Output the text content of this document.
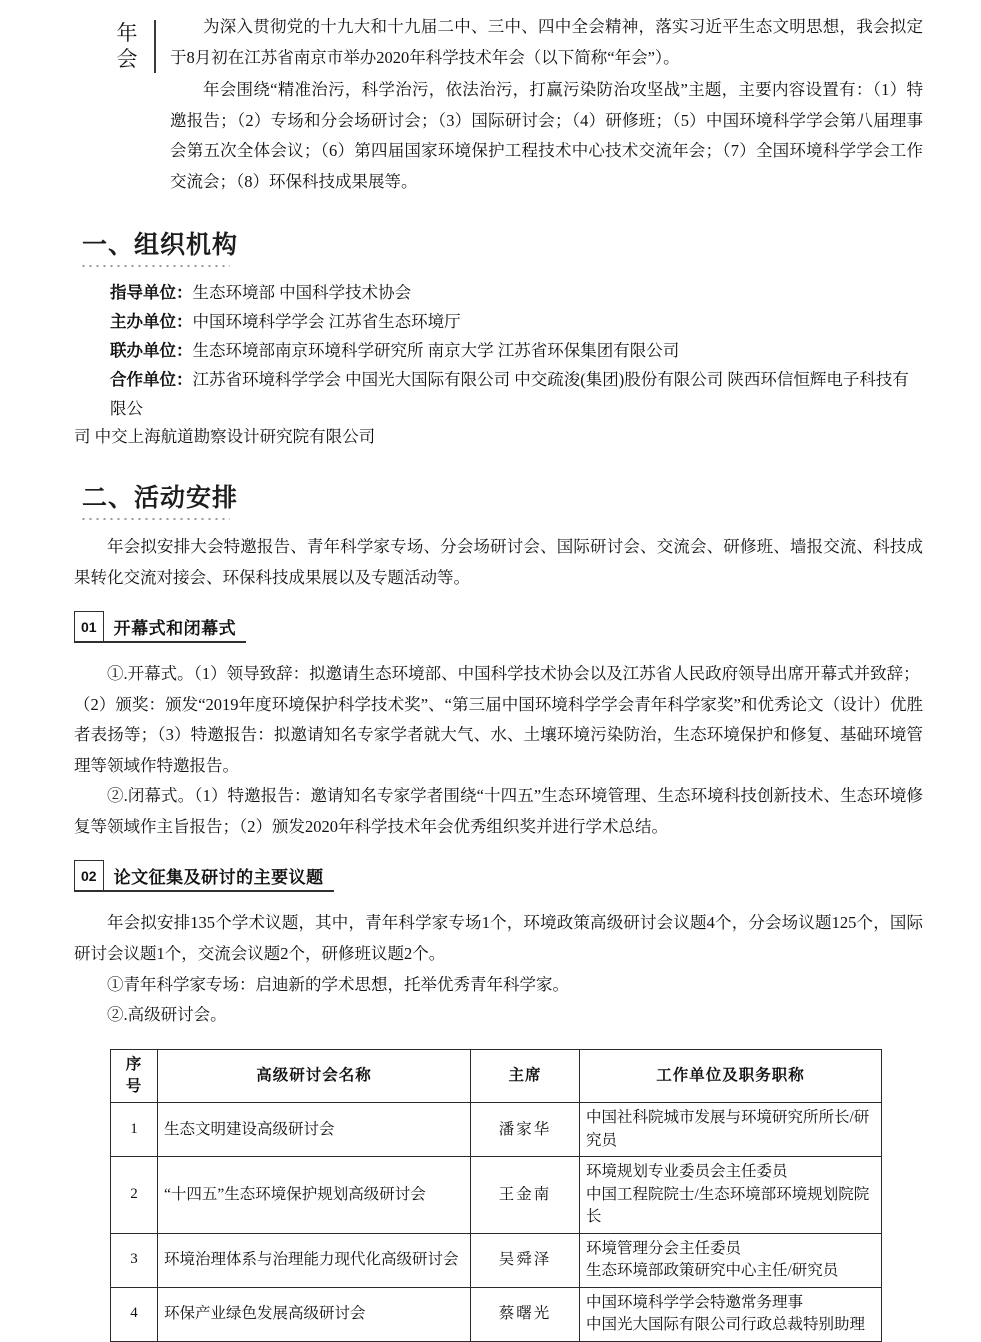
年
会

为深入贯彻党的十九大和十九届二中、三中、四中全会精神，落实习近平生态文明思想，我会拟定于8月初在江苏省南京市举办2020年科学技术年会（以下简称“年会”）。

年会围绕“精准治污，科学治污，依法治污，打赢污染防治攻坚战”主题，主要内容设置有：（1）特邀报告；（2）专场和分会场研讨会；（3）国际研讨会；（4）研修班；（5）中国环境科学学会第八届理事会第五次全体会议；（6）第四届国家环境保护工程技术中心技术交流年会；（7）全国环境科学学会工作交流会；（8）环保科技成果展等。

一、组织机构

指导单位：生态环境部 中国科学技术协会

主办单位：中国环境科学学会 江苏省生态环境厅

联办单位：生态环境部南京环境科学研究所 南京大学 江苏省环保集团有限公司

合作单位：江苏省环境科学学会 中国光大国际有限公司 中交疏浚(集团)股份有限公司 陕西环信恒辉电子科技有限公

司 中交上海航道勘察设计研究院有限公司

二、活动安排

年会拟安排大会特邀报告、青年科学家专场、分会场研讨会、国际研讨会、交流会、研修班、墙报交流、科技成果转化交流对接会、环保科技成果展以及专题活动等。

01	开幕式和闭幕式

①.开幕式。（1）领导致辞：拟邀请生态环境部、中国科学技术协会以及江苏省人民政府领导出席开幕式并致辞；

（2）颁奖：颁发“2019年度环境保护科学技术奖”、“第三届中国环境科学学会青年科学家奖”和优秀论文（设计）优胜者表扬等；（3）特邀报告：拟邀请知名专家学者就大气、水、土壤环境污染防治，生态环境保护和修复、基础环境管理等领域作特邀报告。

②.闭幕式。（1）特邀报告：邀请知名专家学者围绕“十四五”生态环境管理、生态环境科技创新技术、生态环境修复等领域作主旨报告；（2）颁发2020年科学技术年会优秀组织奖并进行学术总结。

02	论文征集及研讨的主要议题

年会拟安排135个学术议题，其中，青年科学家专场1个，环境政策高级研讨会议题4个，分会场议题125个，国际研讨会议题1个，交流会议题2个，研修班议题2个。

①青年科学家专场：启迪新的学术思想，托举优秀青年科学家。

②.高级研讨会。

序
号	高级研讨会名称	主席	工作单位及职务职称
1	生态文明建设高级研讨会	潘家华	中国社科院城市发展与环境研究所所长/研究员

2	“十四五”生态环境保护规划高级研讨会	王金南	环境规划专业委员会主任委员
中国工程院院士/生态环境部环境规划院院长

3	环境治理体系与治理能力现代化高级研讨会	吴舜泽	环境管理分会主任委员
生态环境部政策研究中心主任/研究员

4	环保产业绿色发展高级研讨会	蔡曙光	中国环境科学学会特邀常务理事
中国光大国际有限公司行政总裁特别助理
